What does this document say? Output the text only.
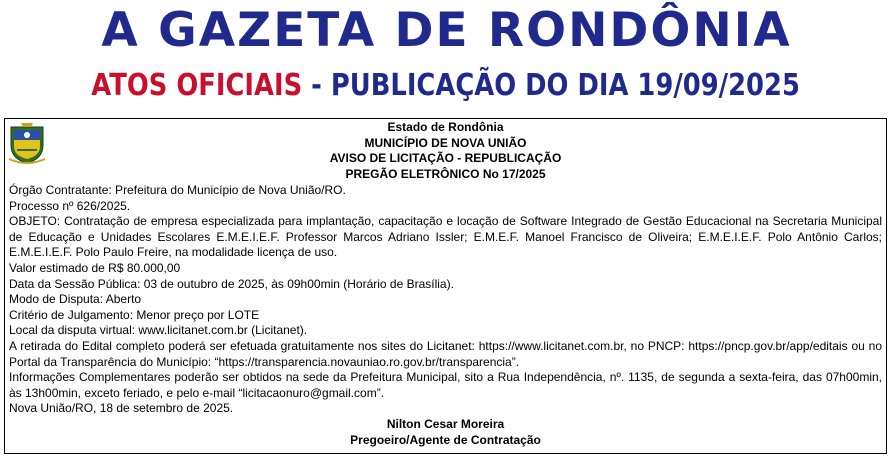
A GAZETA DE RONDÔNIA
ATOS OFICIAIS - PUBLICAÇÃO DO DIA 19/09/2025
Estado de Rondônia
MUNICÍPIO DE NOVA UNIÃO
AVISO DE LICITAÇÃO - REPUBLICAÇÃO
PREGÃO ELETRÔNICO No 17/2025

Órgão Contratante: Prefeitura do Município de Nova União/RO.

Processo nº 626/2025.

OBJETO: Contratação de empresa especializada para implantação, capacitação e locação de Software Integrado de Gestão Educacional na Secretaria Municipal de Educação e Unidades Escolares E.M.E.I.E.F. Professor Marcos Adriano Issler; E.M.E.F. Manoel Francisco de Oliveira; E.M.E.I.E.F. Polo Antônio Carlos; E.M.E.I.E.F. Polo Paulo Freire, na modalidade licença de uso.

Valor estimado de R$ 80.000,00

Data da Sessão Pública: 03 de outubro de 2025, às 09h00min (Horário de Brasília).

Modo de Disputa: Aberto

Critério de Julgamento: Menor preço por LOTE

Local da disputa virtual: www.licitanet.com.br (Licitanet).

A retirada do Edital completo poderá ser efetuada gratuitamente nos sites do Licitanet: https://www.licitanet.com.br, no PNCP: https://pncp.gov.br/app/editais ou no Portal da Transparência do Município: “https://transparencia.novauniao.ro.gov.br/transparencia”.

Informações Complementares poderão ser obtidos na sede da Prefeitura Municipal, sito a Rua Independência, nº. 1135, de segunda a sexta-feira, das 07h00min, às 13h00min, exceto feriado, e pelo e-mail “licitacaonuro@gmail.com”.

Nova União/RO, 18 de setembro de 2025.

Nilton Cesar Moreira
Pregoeiro/Agente de Contratação
